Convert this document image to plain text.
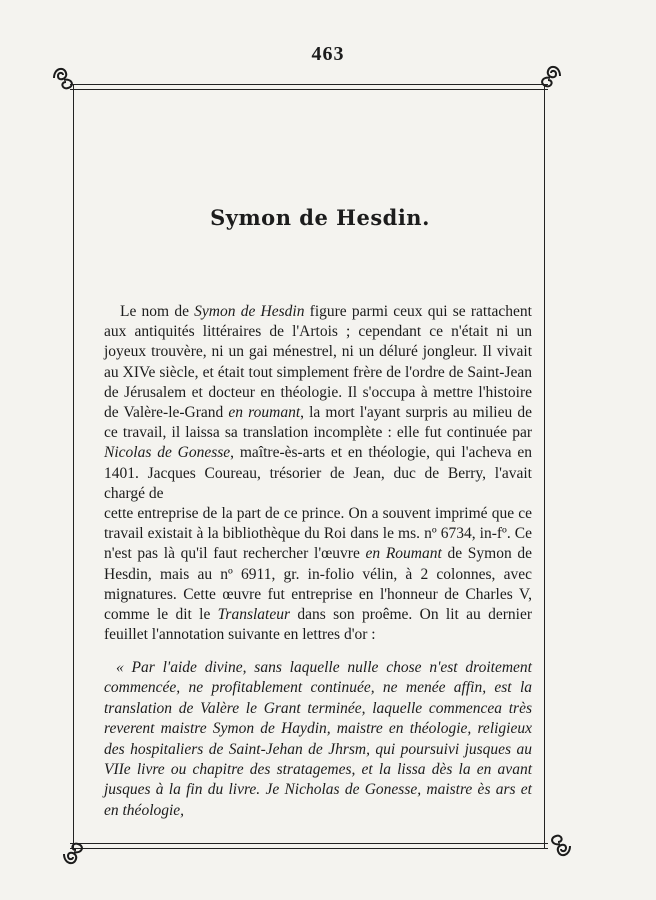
463
Symon de Hesdin.
Le nom de Symon de Hesdin figure parmi ceux qui se rattachent aux antiquités littéraires de l'Artois ; cependant ce n'était ni un joyeux trouvère, ni un gai ménestrel, ni un déluré jongleur. Il vivait au XIVe siècle, et était tout simplement frère de l'ordre de Saint-Jean de Jérusalem et docteur en théologie. Il s'occupa à mettre l'histoire de Valère-le-Grand en roumant, la mort l'ayant surpris au milieu de ce travail, il laissa sa translation incomplète : elle fut continuée par Nicolas de Gonesse, maître-ès-arts et en théologie, qui l'acheva en 1401. Jacques Coureau, trésorier de Jean, duc de Berry, l'avait chargé de
cette entreprise de la part de ce prince. On a souvent imprimé que ce travail existait à la bibliothèque du Roi dans le ms. nº 6734, in-fº. Ce n'est pas là qu'il faut rechercher l'œuvre en Roumant de Symon de Hesdin, mais au nº 6911, gr. in-folio vélin, à 2 colonnes, avec mignatures. Cette œuvre fut entreprise en l'honneur de Charles V, comme le dit le Translateur dans son proême. On lit au dernier feuillet l'annotation suivante en lettres d'or :
« Par l'aide divine, sans laquelle nulle chose n'est droitement commencée, ne profitablement continuée, ne menée affin, est la translation de Valère le Grant terminée, laquelle commencea très reverent maistre Symon de Haydin, maistre en théologie, religieux des hospitaliers de Saint-Jehan de Jhrsm, qui poursuivi jusques au VIIe livre ou chapitre des stratagemes, et la lissa dès la en avant jusques à la fin du livre. Je Nicholas de Gonesse, maistre ès ars et en théologie,
